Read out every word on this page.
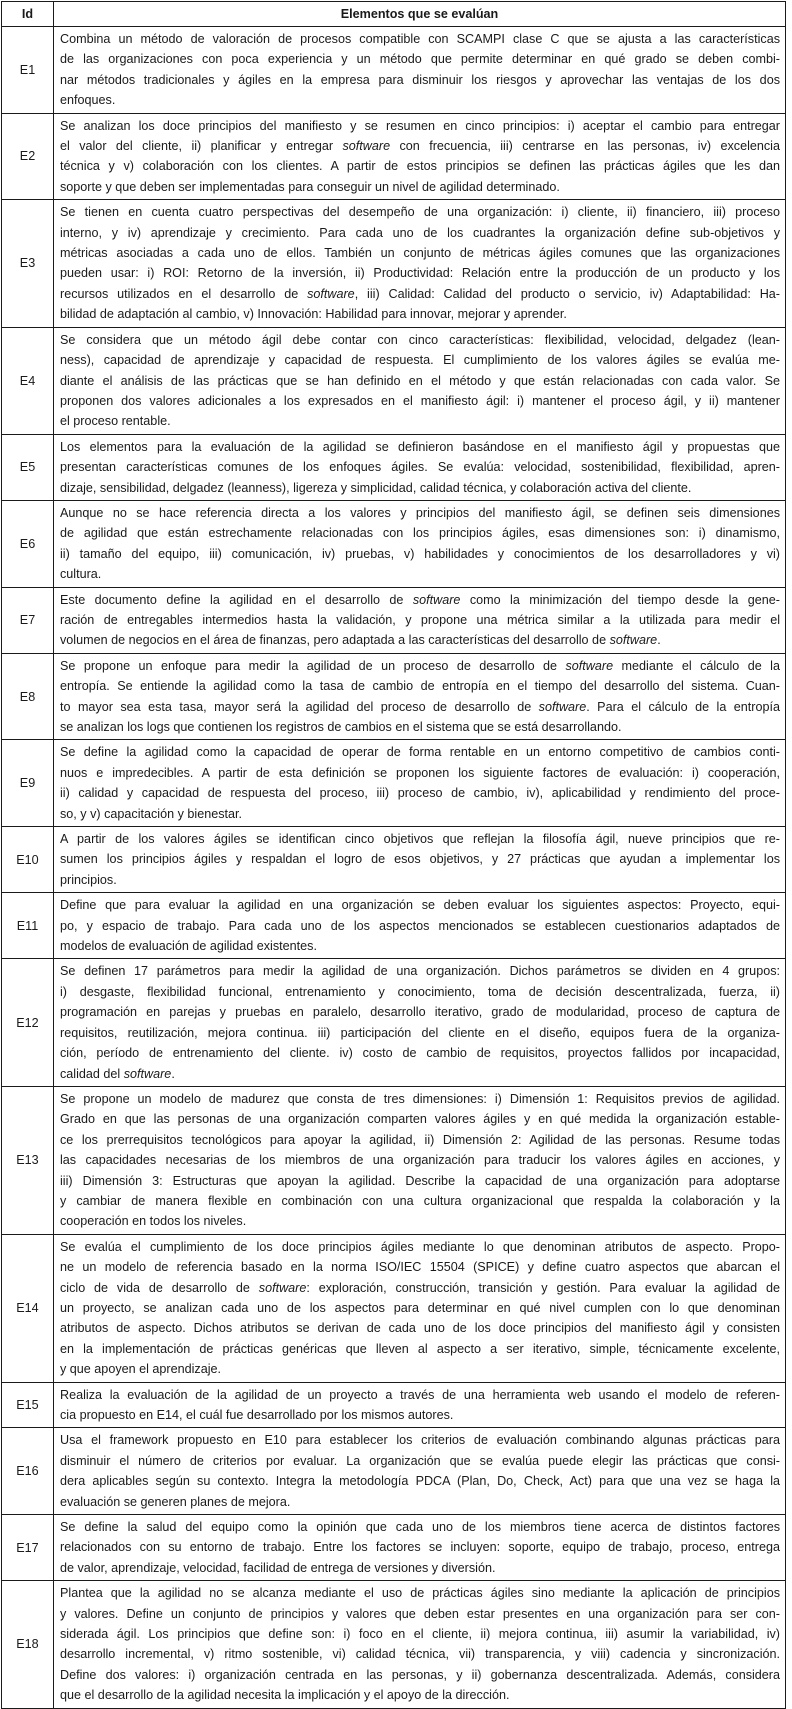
Id	Elementos que se evalúan
E1	Combina un método de valoración de procesos compatible con SCAMPI clase C que se ajusta a las características
de las organizaciones con poca experiencia y un método que permite determinar en qué grado se deben combi-
nar métodos tradicionales y ágiles en la empresa para disminuir los riesgos y aprovechar las ventajas de los dos
enfoques.

E2	Se analizan los doce principios del manifiesto y se resumen en cinco principios: i) aceptar el cambio para entregar
el valor del cliente, ii) planificar y entregar software con frecuencia, iii) centrarse en las personas, iv) excelencia
técnica y v) colaboración con los clientes. A partir de estos principios se definen las prácticas ágiles que les dan
soporte y que deben ser implementadas para conseguir un nivel de agilidad determinado.

E3	
Se tienen en cuenta cuatro perspectivas del desempeño de una organización: i) cliente, ii) financiero, iii) proceso
interno, y iv) aprendizaje y crecimiento. Para cada uno de los cuadrantes la organización define sub-objetivos y
métricas asociadas a cada uno de ellos. También un conjunto de métricas ágiles comunes que las organizaciones
pueden usar: i) ROI: Retorno de la inversión, ii) Productividad: Relación entre la producción de un producto y los
recursos utilizados en el desarrollo de software, iii) Calidad: Calidad del producto o servicio, iv) Adaptabilidad: Ha-
bilidad de adaptación al cambio, v) Innovación: Habilidad para innovar, mejorar y aprender.

E4	Se considera que un método ágil debe contar con cinco características: flexibilidad, velocidad, delgadez (lean-
ness), capacidad de aprendizaje y capacidad de respuesta. El cumplimiento de los valores ágiles se evalúa me-
diante el análisis de las prácticas que se han definido en el método y que están relacionadas con cada valor. Se
proponen dos valores adicionales a los expresados en el manifiesto ágil: i) mantener el proceso ágil, y ii) mantener
el proceso rentable.

E5	Los elementos para la evaluación de la agilidad se definieron basándose en el manifiesto ágil y propuestas que
presentan características comunes de los enfoques ágiles. Se evalúa: velocidad, sostenibilidad, flexibilidad, apren-
dizaje, sensibilidad, delgadez (leanness), ligereza y simplicidad, calidad técnica, y colaboración activa del cliente.

E6	Aunque no se hace referencia directa a los valores y principios del manifiesto ágil, se definen seis dimensiones
de agilidad que están estrechamente relacionadas con los principios ágiles, esas dimensiones son: i) dinamismo,
ii) tamaño del equipo, iii) comunicación, iv) pruebas, v) habilidades y conocimientos de los desarrolladores y vi)
cultura.

E7	Este documento define la agilidad en el desarrollo de software como la minimización del tiempo desde la gene-
ración de entregables intermedios hasta la validación, y propone una métrica similar a la utilizada para medir el
volumen de negocios en el área de finanzas, pero adaptada a las características del desarrollo de software.

E8	Se propone un enfoque para medir la agilidad de un proceso de desarrollo de software mediante el cálculo de la
entropía. Se entiende la agilidad como la tasa de cambio de entropía en el tiempo del desarrollo del sistema. Cuan-
to mayor sea esta tasa, mayor será la agilidad del proceso de desarrollo de software. Para el cálculo de la entropía
se analizan los logs que contienen los registros de cambios en el sistema que se está desarrollando.

E9	Se define la agilidad como la capacidad de operar de forma rentable en un entorno competitivo de cambios conti-
nuos e impredecibles. A partir de esta definición se proponen los siguiente factores de evaluación: i) cooperación,
ii) calidad y capacidad de respuesta del proceso, iii) proceso de cambio, iv), aplicabilidad y rendimiento del proce-
so, y v) capacitación y bienestar.

E10	A partir de los valores ágiles se identifican cinco objetivos que reflejan la filosofía ágil, nueve principios que re-
sumen los principios ágiles y respaldan el logro de esos objetivos, y 27 prácticas que ayudan a implementar los
principios.

E11	Define que para evaluar la agilidad en una organización se deben evaluar los siguientes aspectos: Proyecto, equi-
po, y espacio de trabajo. Para cada uno de los aspectos mencionados se establecen cuestionarios adaptados de
modelos de evaluación de agilidad existentes.

E12	
Se definen 17 parámetros para medir la agilidad de una organización. Dichos parámetros se dividen en 4 grupos:
i) desgaste, flexibilidad funcional, entrenamiento y conocimiento, toma de decisión descentralizada, fuerza, ii)
programación en parejas y pruebas en paralelo, desarrollo iterativo, grado de modularidad, proceso de captura de
requisitos, reutilización, mejora continua. iii) participación del cliente en el diseño, equipos fuera de la organiza-
ción, período de entrenamiento del cliente. iv) costo de cambio de requisitos, proyectos fallidos por incapacidad,
calidad del software.

E13	
Se propone un modelo de madurez que consta de tres dimensiones: i) Dimensión 1: Requisitos previos de agilidad.
Grado en que las personas de una organización comparten valores ágiles y en qué medida la organización estable-
ce los prerrequisitos tecnológicos para apoyar la agilidad, ii) Dimensión 2: Agilidad de las personas. Resume todas
las capacidades necesarias de los miembros de una organización para traducir los valores ágiles en acciones, y
iii) Dimensión 3: Estructuras que apoyan la agilidad. Describe la capacidad de una organización para adoptarse
y cambiar de manera flexible en combinación con una cultura organizacional que respalda la colaboración y la
cooperación en todos los niveles.

E14	
Se evalúa el cumplimiento de los doce principios ágiles mediante lo que denominan atributos de aspecto. Propo-
ne un modelo de referencia basado en la norma ISO/IEC 15504 (SPICE) y define cuatro aspectos que abarcan el
ciclo de vida de desarrollo de software: exploración, construcción, transición y gestión. Para evaluar la agilidad de
un proyecto, se analizan cada uno de los aspectos para determinar en qué nivel cumplen con lo que denominan
atributos de aspecto. Dichos atributos se derivan de cada uno de los doce principios del manifiesto ágil y consisten
en la implementación de prácticas genéricas que lleven al aspecto a ser iterativo, simple, técnicamente excelente,
y que apoyen el aprendizaje.

E15	Realiza la evaluación de la agilidad de un proyecto a través de una herramienta web usando el modelo de referen-
cia propuesto en E14, el cuál fue desarrollado por los mismos autores.

E16	Usa el framework propuesto en E10 para establecer los criterios de evaluación combinando algunas prácticas para
disminuir el número de criterios por evaluar. La organización que se evalúa puede elegir las prácticas que consi-
dera aplicables según su contexto. Integra la metodología PDCA (Plan, Do, Check, Act) para que una vez se haga la
evaluación se generen planes de mejora.

E17	Se define la salud del equipo como la opinión que cada uno de los miembros tiene acerca de distintos factores
relacionados con su entorno de trabajo. Entre los factores se incluyen: soporte, equipo de trabajo, proceso, entrega
de valor, aprendizaje, velocidad, facilidad de entrega de versiones y diversión.

E18	
Plantea que la agilidad no se alcanza mediante el uso de prácticas ágiles sino mediante la aplicación de principios
y valores. Define un conjunto de principios y valores que deben estar presentes en una organización para ser con-
siderada ágil. Los principios que define son: i) foco en el cliente, ii) mejora continua, iii) asumir la variabilidad, iv)
desarrollo incremental, v) ritmo sostenible, vi) calidad técnica, vii) transparencia, y viii) cadencia y sincronización.
Define dos valores: i) organización centrada en las personas, y ii) gobernanza descentralizada. Además, considera
que el desarrollo de la agilidad necesita la implicación y el apoyo de la dirección.
